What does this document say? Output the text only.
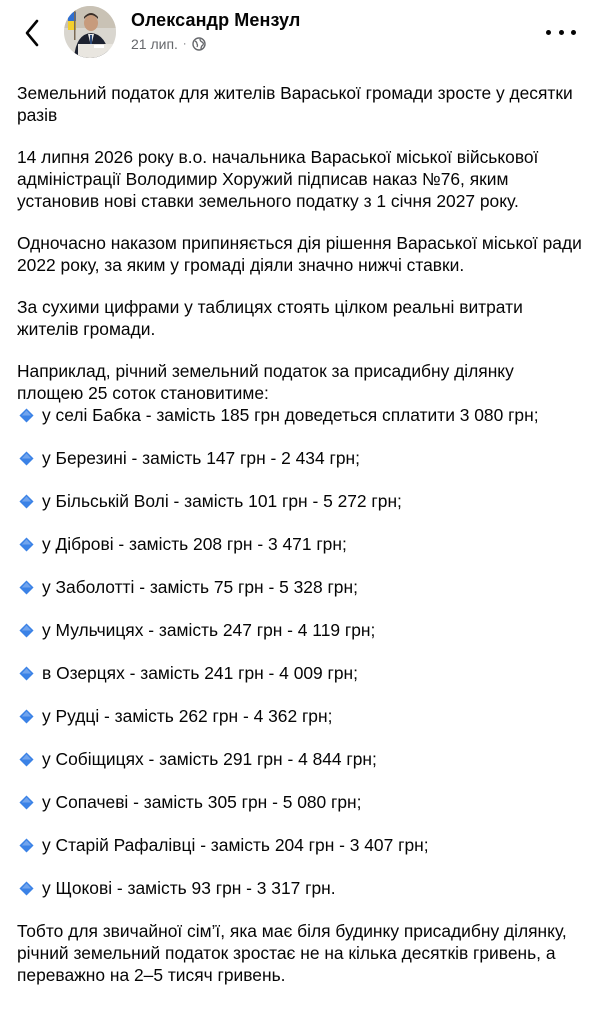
Олександр Мензул
21 лип. ·

Земельний податок для жителів Вараської громади зросте у десятки разів

14 липня 2026 року в.о. начальника Вараської міської військової адміністрації Володимир Хоружий підписав наказ №76, яким установив нові ставки земельного податку з 1 січня 2027 року.

Одночасно наказом припиняється дія рішення Вараської міської ради 2022 року, за яким у громаді діяли значно нижчі ставки.

За сухими цифрами у таблицях стоять цілком реальні витрати жителів громади.

Наприклад, річний земельний податок за присадибну ділянку площею 25 соток становитиме:

у селі Бабка - замість 185 грн доведеться сплатити 3 080 грн;
у Березині - замість 147 грн - 2 434 грн;
у Більській Волі - замість 101 грн - 5 272 грн;
у Діброві - замість 208 грн - 3 471 грн;
у Заболотті - замість 75 грн - 5 328 грн;
у Мульчицях - замість 247 грн - 4 119 грн;
в Озерцях - замість 241 грн - 4 009 грн;
у Рудці - замість 262 грн - 4 362 грн;
у Собіщицях - замість 291 грн - 4 844 грн;
у Сопачеві - замість 305 грн - 5 080 грн;
у Старій Рафалівці - замість 204 грн - 3 407 грн;
у Щокові - замість 93 грн - 3 317 грн.

Тобто для звичайної сім’ї, яка має біля будинку присадибну ділянку, річний земельний податок зростає не на кілька десятків гривень, а переважно на 2–5 тисяч гривень.
